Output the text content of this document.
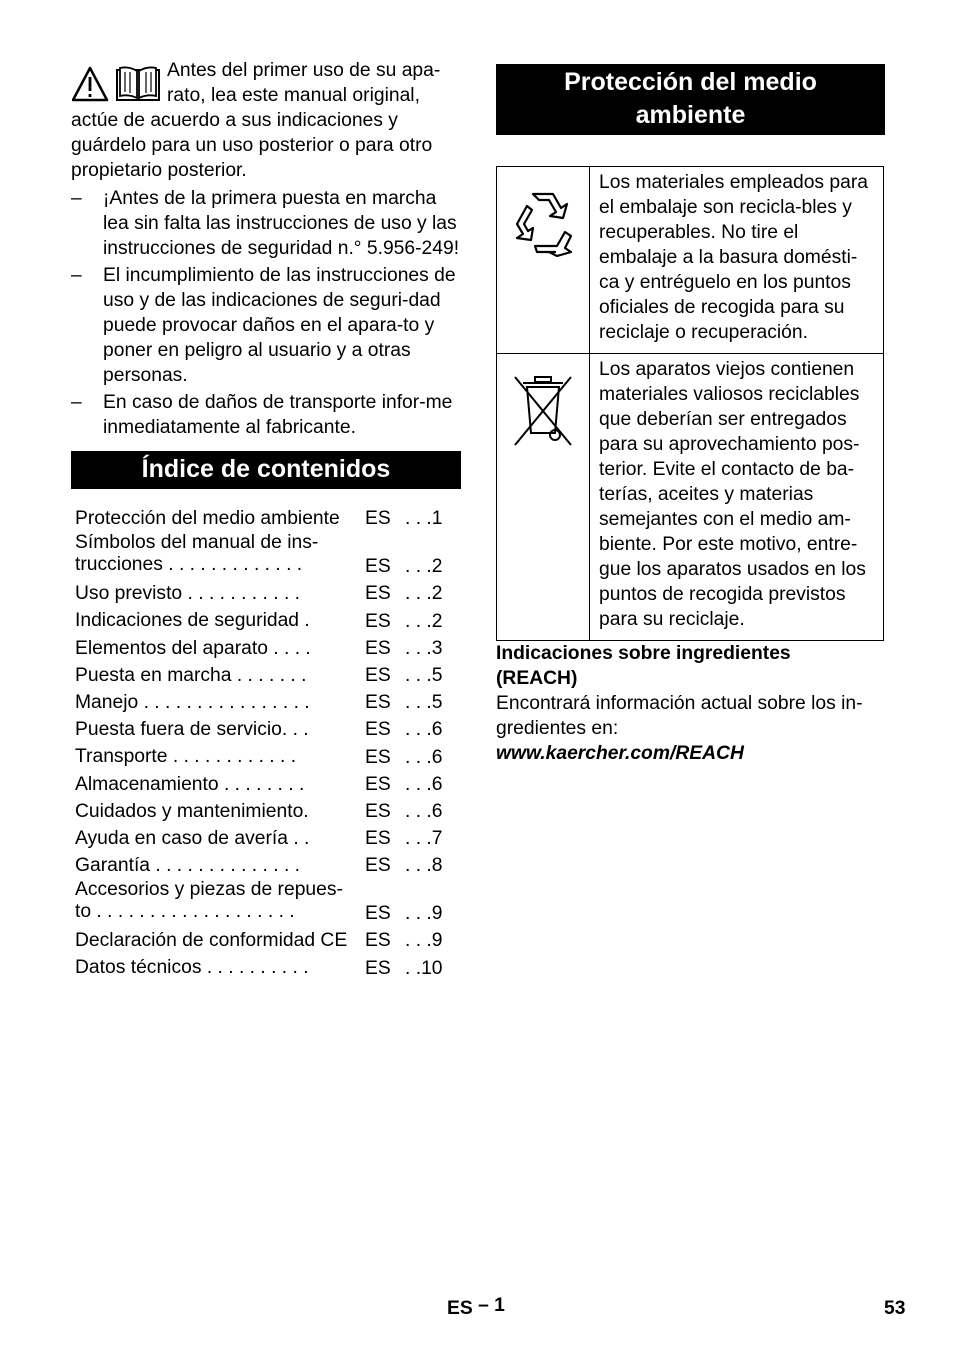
Antes del primer uso de su apa-

rato, lea este manual original,

actúe de acuerdo a sus indicaciones y guárdelo para un uso posterior o para otro propietario posterior.

–	¡Antes de la primera puesta en marcha lea sin falta las instrucciones de uso y las instrucciones de seguridad n.° 5.956-249!
–	El incumplimiento de las instrucciones de uso y de las indicaciones de seguri-dad puede provocar daños en el apara-to y poner en peligro al usuario y a otras personas.
–	En caso de daños de transporte infor-me inmediatamente al fabricante.
Índice de contenidos
Protección del medio ambiente	ES . . .1
Símbolos del manual de ins-
trucciones . . . . . . . . . . . . .	ES . . .2
Uso previsto . . . . . . . . . . .	ES . . .2
Indicaciones de seguridad .	ES . . .2
Elementos del aparato . . . .	ES . . .3
Puesta en marcha . . . . . . .	ES . . .5
Manejo . . . . . . . . . . . . . . . .	ES . . .5
Puesta fuera de servicio. . .	ES . . .6
Transporte . . . . . . . . . . . .	ES . . .6
Almacenamiento . . . . . . . .	ES . . .6
Cuidados y mantenimiento.	ES . . .6
Ayuda en caso de avería . .	ES . . .7
Garantía . . . . . . . . . . . . . .	ES . . .8
Accesorios y piezas de repues-
to . . . . . . . . . . . . . . . . . . .	ES . . .9
Declaración de conformidad CE ES . . .9
Datos técnicos . . . . . . . . . .	ES . .10
Protección del medio
ambiente
	Los materiales empleados para el embalaje son recicla-bles y recuperables. No tire el embalaje a la basura domésti-ca y entréguelo en los puntos oficiales de recogida para su reciclaje o recuperación.
	Los aparatos viejos contienen materiales valiosos reciclables que deberían ser entregados para su aprovechamiento pos-terior. Evite el contacto de ba-terías, aceites y materias semejantes con el medio am-biente. Por este motivo, entre-gue los aparatos usados en los puntos de recogida previstos para su reciclaje.
Indicaciones sobre ingredientes
(REACH)

Encontrará información actual sobre los in-gredientes en:

www.kaercher.com/REACH

ES – 1	53
